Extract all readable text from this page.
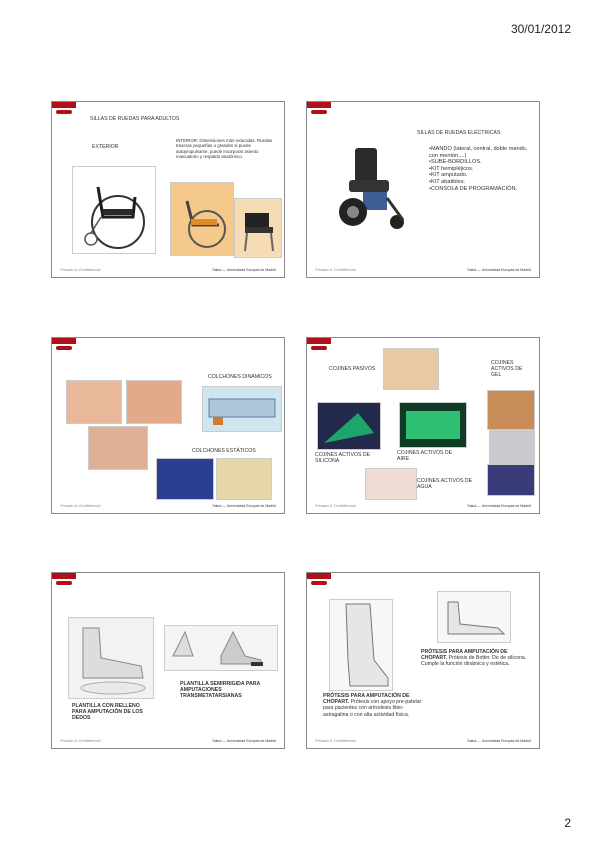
30/01/2012
SILLAS DE RUEDAS PARA ADULTOS
EXTERIOR
INTERIOR: Dimensiones más reducidas. Ruedas traseras pequeñas o grandes si puede autopropulsarse, puede incorporar asiento evacuatorio y respaldo anatómico.
Privado & Confidencial	Salud — Universidad Europea de Madrid
SILLAS DE RUEDAS ELÉCTRICAS
• MANDO (lateral, central, doble mando, con mentón,...)
• SUBE-BORDILLOS.
• KIT hemipléjicos.
• KIT amputado.
• KIT abatibles.
• CONSOLA DE PROGRAMACIÓN.
Privado & Confidencial	Salud — Universidad Europea de Madrid
COLCHONES DINÁMICOS
COLCHONES ESTÁTICOS
Privado & Confidencial	Salud — Universidad Europea de Madrid
COJINES PASIVOS
COJINES ACTIVOS DE GEL
COJINES ACTIVOS DE SILICONA
COJINES ACTIVOS DE AIRE
COJINES ACTIVOS DE AGUA
Privado & Confidencial	Salud — Universidad Europea de Madrid
PLANTILLA CON RELLENO PARA AMPUTACIÓN DE LOS DEDOS
PLANTILLA SEMIRRIGIDA PARA AMPUTACIONES TRANSMETATARSIANAS
Privado & Confidencial	Salud — Universidad Europea de Madrid
PRÓTESIS PARA AMPUTACIÓN DE CHOPART. Prótesis de Bottin: De de silicona. Cumple la función dinámica y estética.
PRÓTESIS PARA AMPUTACIÓN DE CHOPART. Prótesis con apoyo pre-patelar: para pacientes con artrodesis tibio-astragalina o con alta actividad física.
Privado & Confidencial	Salud — Universidad Europea de Madrid
2
